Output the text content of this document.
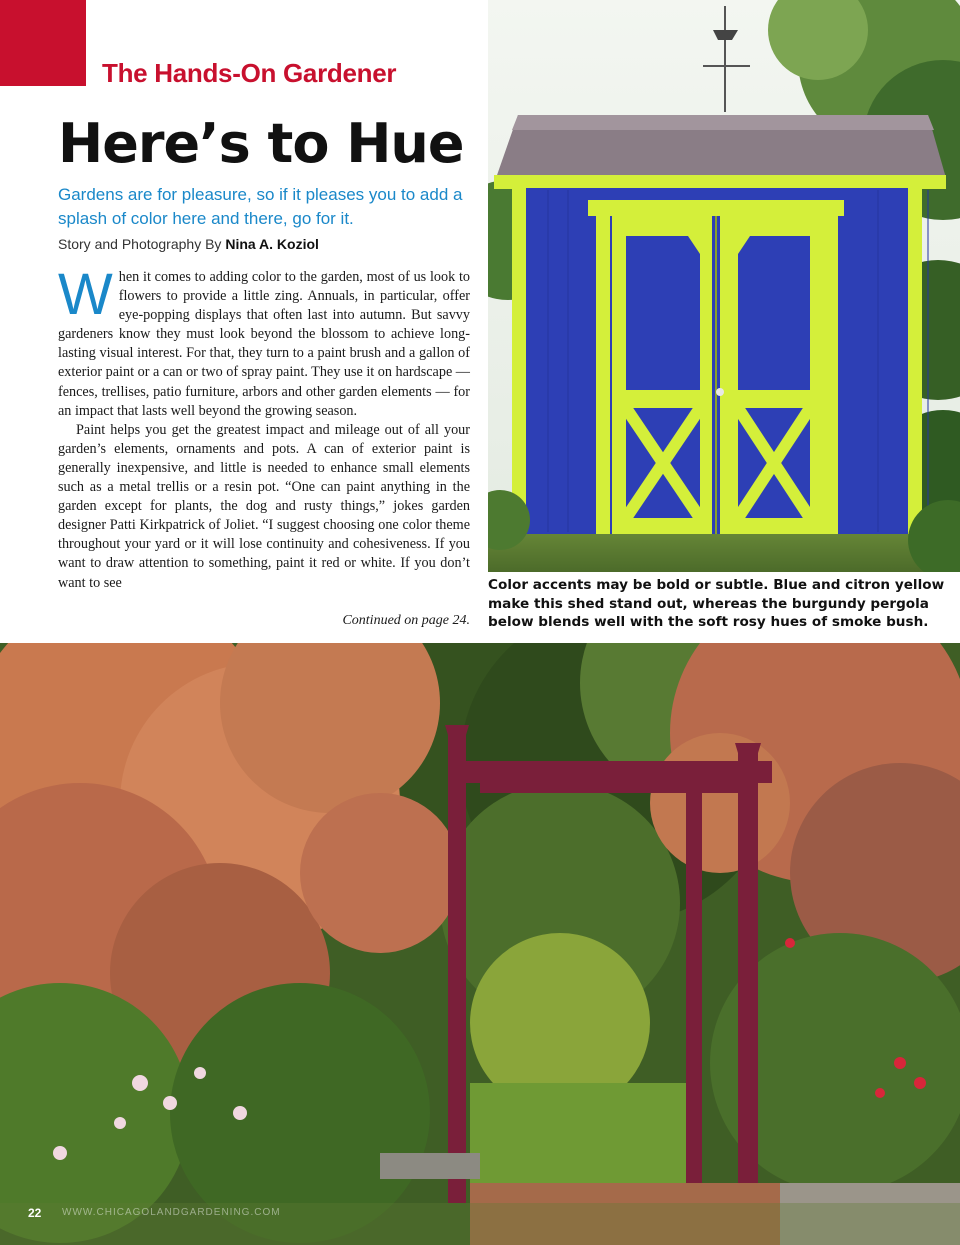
The Hands-On Gardener
Here’s to Hue

Gardens are for pleasure, so if it pleases you to add a splash of color here and there, go for it.

Story and Photography By Nina A. Koziol

When it comes to adding color to the garden, most of us look to flowers to provide a little zing. Annuals, in particular, offer eye-popping displays that often last into autumn. But savvy gardeners know they must look beyond the blossom to achieve long-lasting visual interest. For that, they turn to a paint brush and a gallon of exterior paint or a can or two of spray paint. They use it on hardscape — fences, trellises, patio furniture, arbors and other garden elements — for an impact that lasts well beyond the growing season.

Paint helps you get the greatest impact and mileage out of all your garden’s elements, ornaments and pots. A can of exterior paint is generally inexpensive, and little is needed to enhance small elements such as a metal trellis or a resin pot. “One can paint anything in the garden except for plants, the dog and rusty things,” jokes garden designer Patti Kirkpatrick of Joliet. “I suggest choosing one color theme throughout your yard or it will lose continuity and cohesiveness. If you want to draw attention to something, paint it red or white. If you don’t want to see

Continued on page 24.
Color accents may be bold or subtle. Blue and citron yellow make this shed stand out, whereas the burgundy pergola below blends well with the soft rosy hues of smoke bush.
22 WWW.CHICAGOLANDGARDENING.COM
